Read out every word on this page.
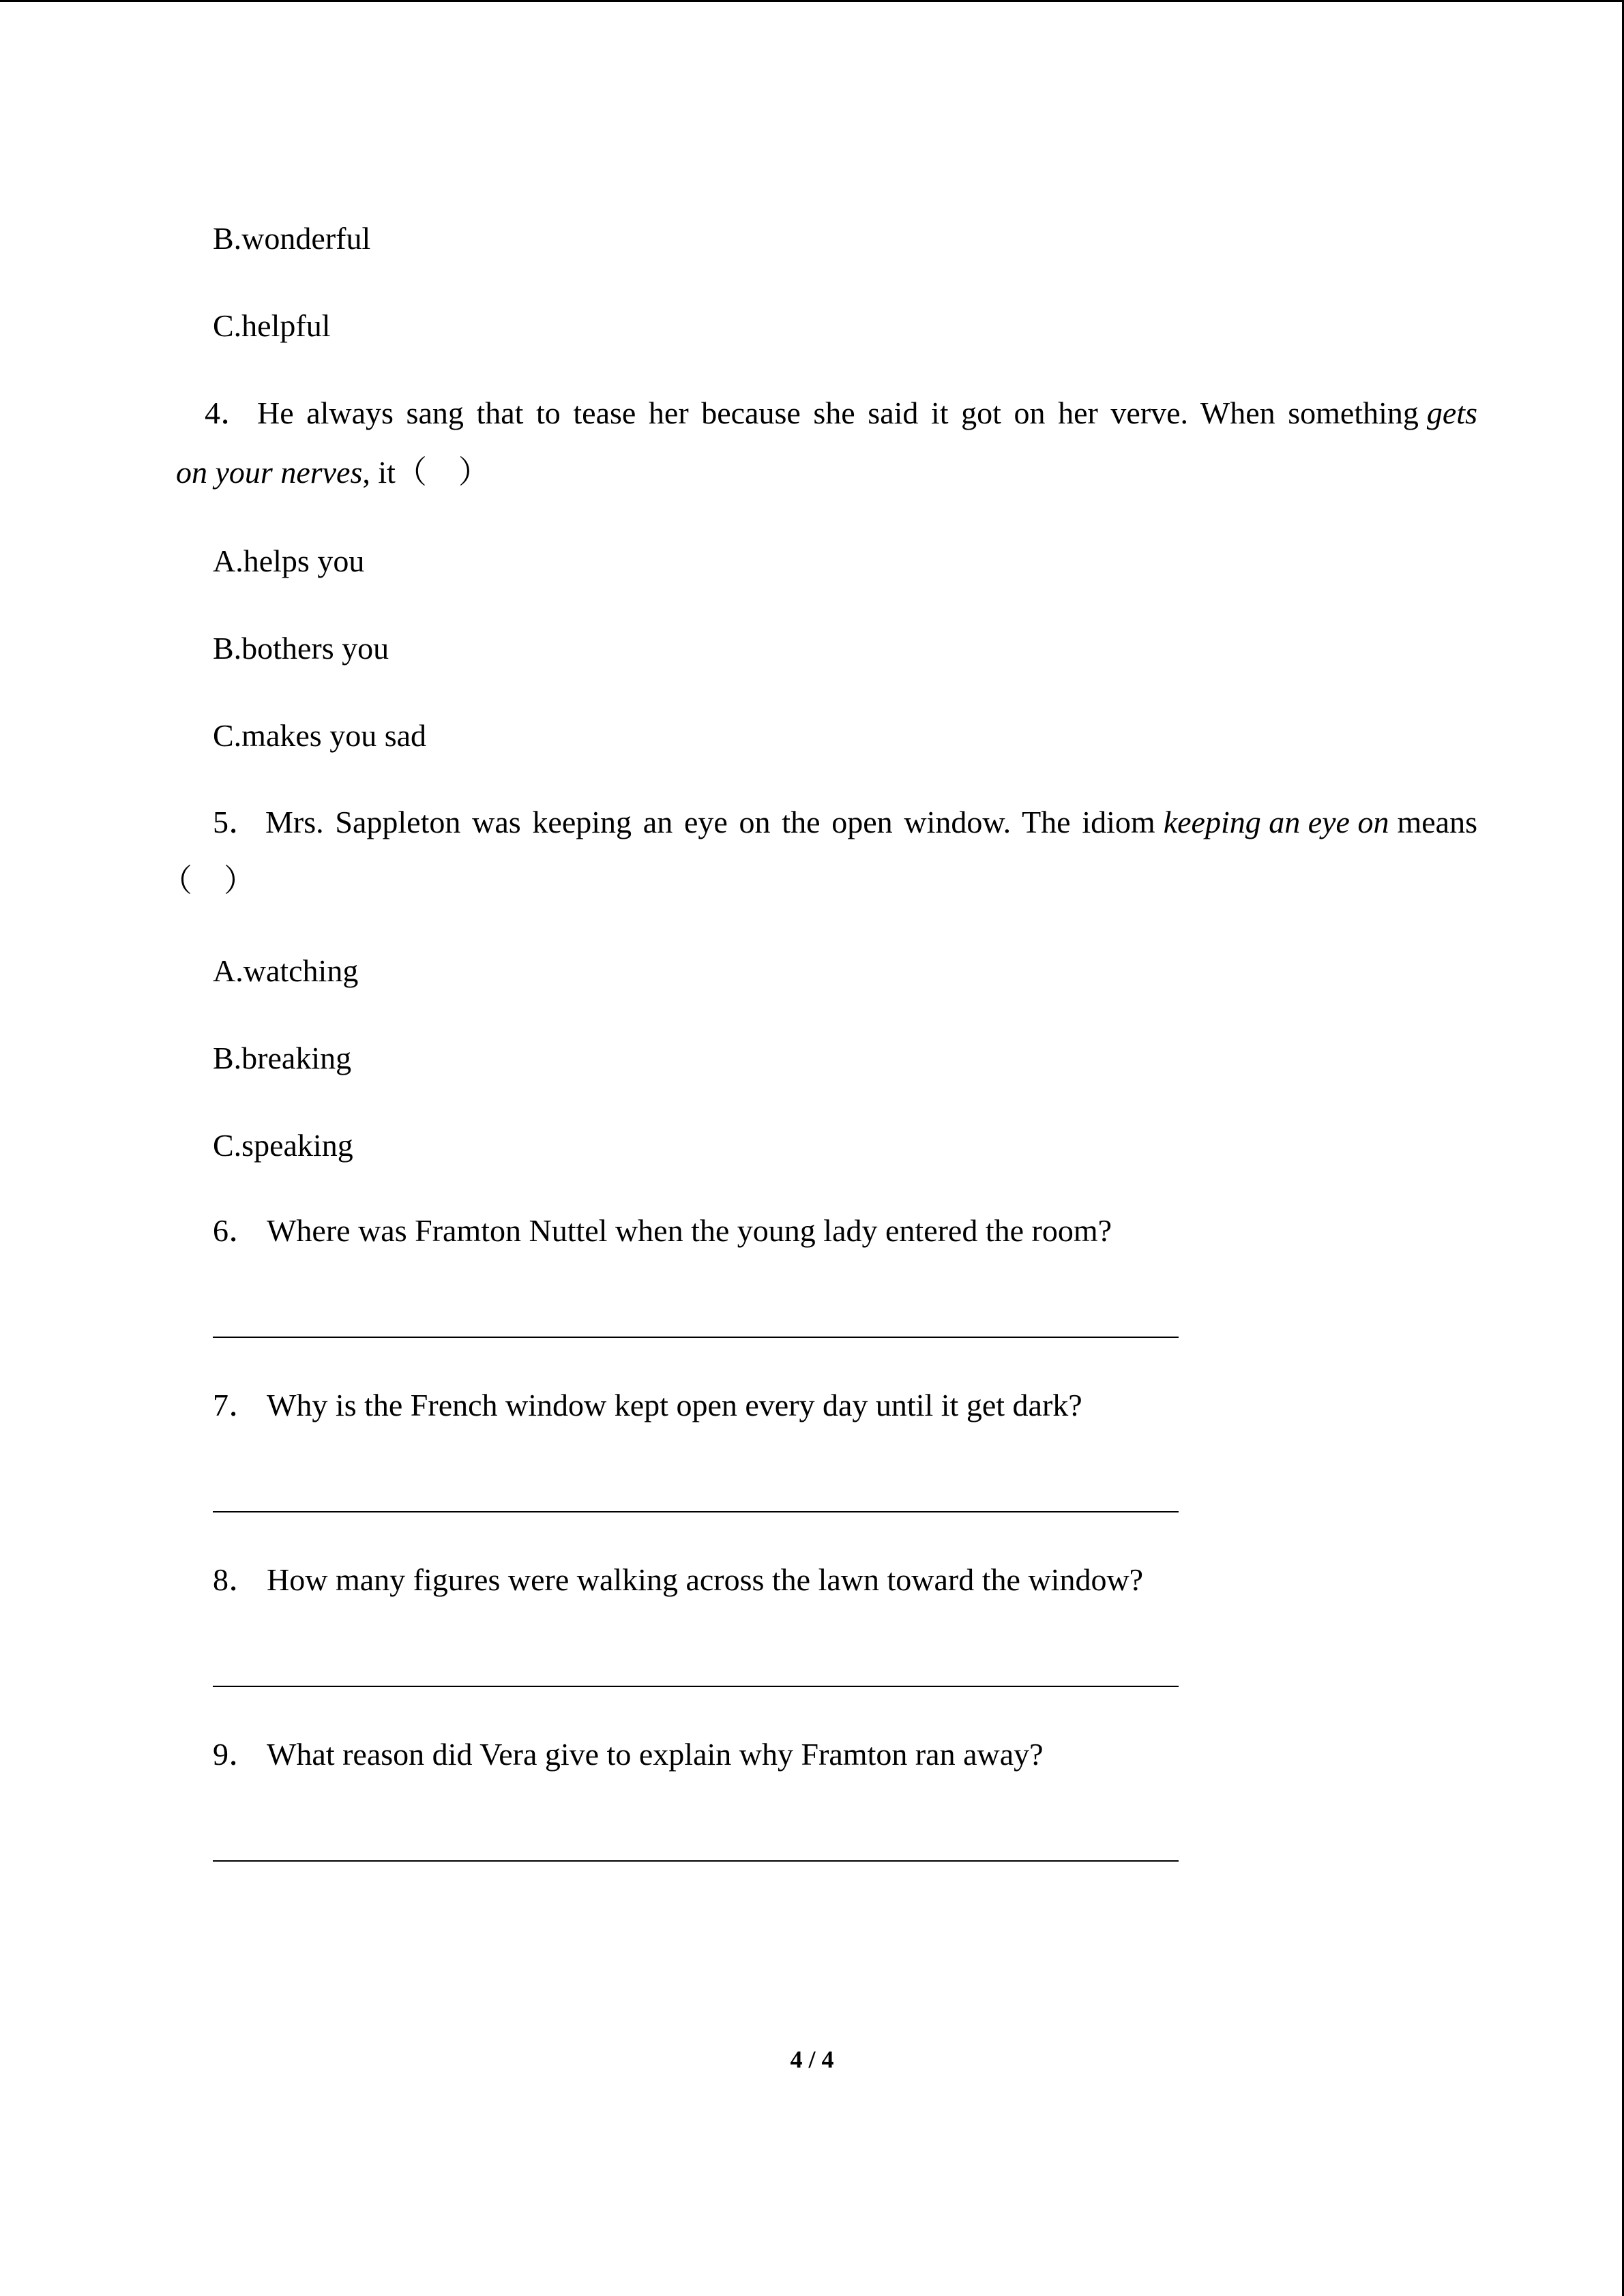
B.wonderful
C.helpful
4． He always sang that to tease her because she said it got on her verve. When something gets
on your nerves, it（　）
A.helps you
B.bothers you
C.makes you sad
5． Mrs. Sappleton was keeping an eye on the open window. The idiom keeping an eye on means
（　）
A.watching
B.breaking
C.speaking
6． Where was Framton Nuttel when the young lady entered the room?
7． Why is the French window kept open every day until it get dark?
8． How many figures were walking across the lawn toward the window?
9． What reason did Vera give to explain why Framton ran away?
4 / 4
